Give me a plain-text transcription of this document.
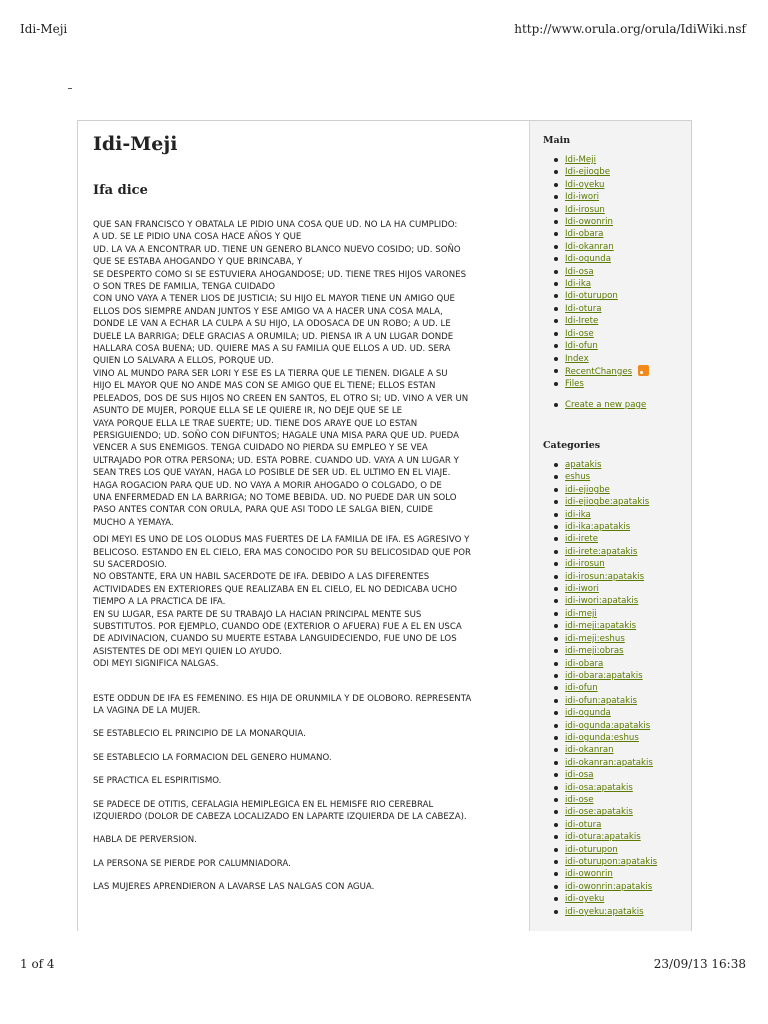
Idi-Meji	http://www.orula.org/orula/IdiWiki.nsf
Idi-Meji
Ifa dice

QUE SAN FRANCISCO Y OBATALA LE PIDIO UNA COSA QUE UD. NO LA HA CUMPLIDO:
A UD. SE LE PIDIO UNA COSA HACE AÑOS Y QUE
UD. LA VA A ENCONTRAR UD. TIENE UN GENERO BLANCO NUEVO COSIDO; UD. SOÑO
QUE SE ESTABA AHOGANDO Y QUE BRINCABA, Y
SE DESPERTO COMO SI SE ESTUVIERA AHOGANDOSE; UD. TIENE TRES HIJOS VARONES
O SON TRES DE FAMILIA, TENGA CUIDADO
CON UNO VAYA A TENER LIOS DE JUSTICIA; SU HIJO EL MAYOR TIENE UN AMIGO QUE
ELLOS DOS SIEMPRE ANDAN JUNTOS Y ESE AMIGO VA A HACER UNA COSA MALA,
DONDE LE VAN A ECHAR LA CULPA A SU HIJO, LA ODOSACA DE UN ROBO; A UD. LE
DUELE LA BARRIGA; DELE GRACIAS A ORUMILA; UD. PIENSA IR A UN LUGAR DONDE
HALLARA COSA BUENA; UD. QUIERE MAS A SU FAMILIA QUE ELLOS A UD. UD. SERA
QUIEN LO SALVARA A ELLOS, PORQUE UD.
VINO AL MUNDO PARA SER LORI Y ESE ES LA TIERRA QUE LE TIENEN. DIGALE A SU
HIJO EL MAYOR QUE NO ANDE MAS CON SE AMIGO QUE EL TIENE; ELLOS ESTAN
PELEADOS, DOS DE SUS HIJOS NO CREEN EN SANTOS, EL OTRO SI; UD. VINO A VER UN
ASUNTO DE MUJER, PORQUE ELLA SE LE QUIERE IR, NO DEJE QUE SE LE
VAYA PORQUE ELLA LE TRAE SUERTE; UD. TIENE DOS ARAYE QUE LO ESTAN
PERSIGUIENDO; UD. SOÑO CON DIFUNTOS; HAGALE UNA MISA PARA QUE UD. PUEDA
VENCER A SUS ENEMIGOS. TENGA CUIDADO NO PIERDA SU EMPLEO Y SE VEA
ULTRAJADO POR OTRA PERSONA; UD. ESTA POBRE. CUANDO UD. VAYA A UN LUGAR Y
SEAN TRES LOS QUE VAYAN, HAGA LO POSIBLE DE SER UD. EL ULTIMO EN EL VIAJE.
HAGA ROGACION PARA QUE UD. NO VAYA A MORIR AHOGADO O COLGADO, O DE
UNA ENFERMEDAD EN LA BARRIGA; NO TOME BEBIDA. UD. NO PUEDE DAR UN SOLO
PASO ANTES CONTAR CON ORULA, PARA QUE ASI TODO LE SALGA BIEN, CUIDE
MUCHO A YEMAYA.

ODI MEYI ES UNO DE LOS OLODUS MAS FUERTES DE LA FAMILIA DE IFA. ES AGRESIVO Y
BELICOSO. ESTANDO EN EL CIELO, ERA MAS CONOCIDO POR SU BELICOSIDAD QUE POR
SU SACERDOSIO.
NO OBSTANTE, ERA UN HABIL SACERDOTE DE IFA. DEBIDO A LAS DIFERENTES
ACTIVIDADES EN EXTERIORES QUE REALIZABA EN EL CIELO, EL NO DEDICABA UCHO
TIEMPO A LA PRACTICA DE IFA.
EN SU LUGAR, ESA PARTE DE SU TRABAJO LA HACIAN PRINCIPAL MENTE SUS
SUBSTITUTOS. POR EJEMPLO, CUANDO ODE (EXTERIOR O AFUERA) FUE A EL EN USCA
DE ADIVINACION, CUANDO SU MUERTE ESTABA LANGUIDECIENDO, FUE UNO DE LOS
ASISTENTES DE ODI MEYI QUIEN LO AYUDO.
ODI MEYI SIGNIFICA NALGAS.

ESTE ODDUN DE IFA ES FEMENINO. ES HIJA DE ORUNMILA Y DE OLOBORO. REPRESENTA
LA VAGINA DE LA MUJER.

SE ESTABLECIO EL PRINCIPIO DE LA MONARQUIA.

SE ESTABLECIO LA FORMACION DEL GENERO HUMANO.

SE PRACTICA EL ESPIRITISMO.

SE PADECE DE OTITIS, CEFALAGIA HEMIPLEGICA EN EL HEMISFE RIO CEREBRAL
IZQUIERDO (DOLOR DE CABEZA LOCALIZADO EN LAPARTE IZQUIERDA DE LA CABEZA).

HABLA DE PERVERSION.

LA PERSONA SE PIERDE POR CALUMNIADORA.

LAS MUJERES APRENDIERON A LAVARSE LAS NALGAS CON AGUA.

Main
Idi-Meji
Idi-ejiogbe
Idi-oyeku
Idi-iwori
Idi-irosun
Idi-owonrin
Idi-obara
Idi-okanran
Idi-ogunda
Idi-osa
Idi-ika
Idi-oturupon
Idi-otura
Idi-Irete
Idi-ose
Idi-ofun
Index
RecentChanges
Files
Create a new page
Categories
apatakis
eshus
idi-ejiogbe
idi-ejiogbe:apatakis
idi-ika
idi-ika:apatakis
idi-irete
idi-irete:apatakis
idi-irosun
idi-irosun:apatakis
idi-iwori
idi-iwori:apatakis
idi-meji
idi-meji:apatakis
idi-meji:eshus
idi-meji:obras
idi-obara
idi-obara:apatakis
idi-ofun
idi-ofun:apatakis
idi-ogunda
idi-ogunda:apatakis
idi-ogunda:eshus
idi-okanran
idi-okanran:apatakis
idi-osa
idi-osa:apatakis
idi-ose
idi-ose:apatakis
idi-otura
idi-otura:apatakis
idi-oturupon
idi-oturupon:apatakis
idi-owonrin
idi-owonrin:apatakis
idi-oyeku
idi-oyeku:apatakis
1 of 4	23/09/13 16:38
